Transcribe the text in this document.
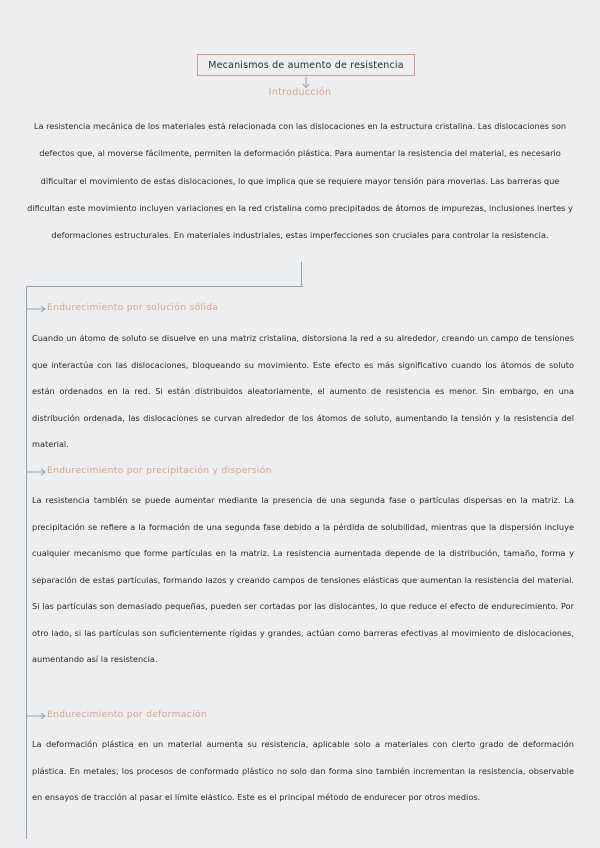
Mecanismos de aumento de resistencia
Introducción
La resistencia mecánica de los materiales está relacionada con las dislocaciones en la estructura cristalina. Las dislocaciones son defectos que, al moverse fácilmente, permiten la deformación plástica. Para aumentar la resistencia del material, es necesario dificultar el movimiento de estas dislocaciones, lo que implica que se requiere mayor tensión para moverlas. Las barreras que dificultan este movimiento incluyen variaciones en la red cristalina como precipitados de átomos de impurezas, inclusiones inertes y deformaciones estructurales. En materiales industriales, estas imperfecciones son cruciales para controlar la resistencia.
Endurecimiento por solución sólida
Cuando un átomo de soluto se disuelve en una matriz cristalina, distorsiona la red a su alrededor, creando un campo de tensiones que interactúa con las dislocaciones, bloqueando su movimiento. Este efecto es más significativo cuando los átomos de soluto están ordenados en la red. Si están distribuidos aleatoriamente, el aumento de resistencia es menor. Sin embargo, en una distribución ordenada, las dislocaciones se curvan alrededor de los átomos de soluto, aumentando la tensión y la resistencia del material.
Endurecimiento por precipitación y dispersión
La resistencia también se puede aumentar mediante la presencia de una segunda fase o partículas dispersas en la matriz. La precipitación se refiere a la formación de una segunda fase debido a la pérdida de solubilidad, mientras que la dispersión incluye cualquier mecanismo que forme partículas en la matriz. La resistencia aumentada depende de la distribución, tamaño, forma y separación de estas partículas, formando lazos y creando campos de tensiones elásticas que aumentan la resistencia del material. Si las partículas son demasiado pequeñas, pueden ser cortadas por las dislocantes, lo que reduce el efecto de endurecimiento. Por otro lado, si las partículas son suficientemente rígidas y grandes, actúan como barreras efectivas al movimiento de dislocaciones, aumentando así la resistencia.
Endurecimiento por deformación
La deformación plástica en un material aumenta su resistencia, aplicable solo a materiales con cierto grado de deformación plástica. En metales, los procesos de conformado plástico no solo dan forma sino también incrementan la resistencia, observable en ensayos de tracción al pasar el límite elástico. Este es el principal método de endurecer por otros medios.
